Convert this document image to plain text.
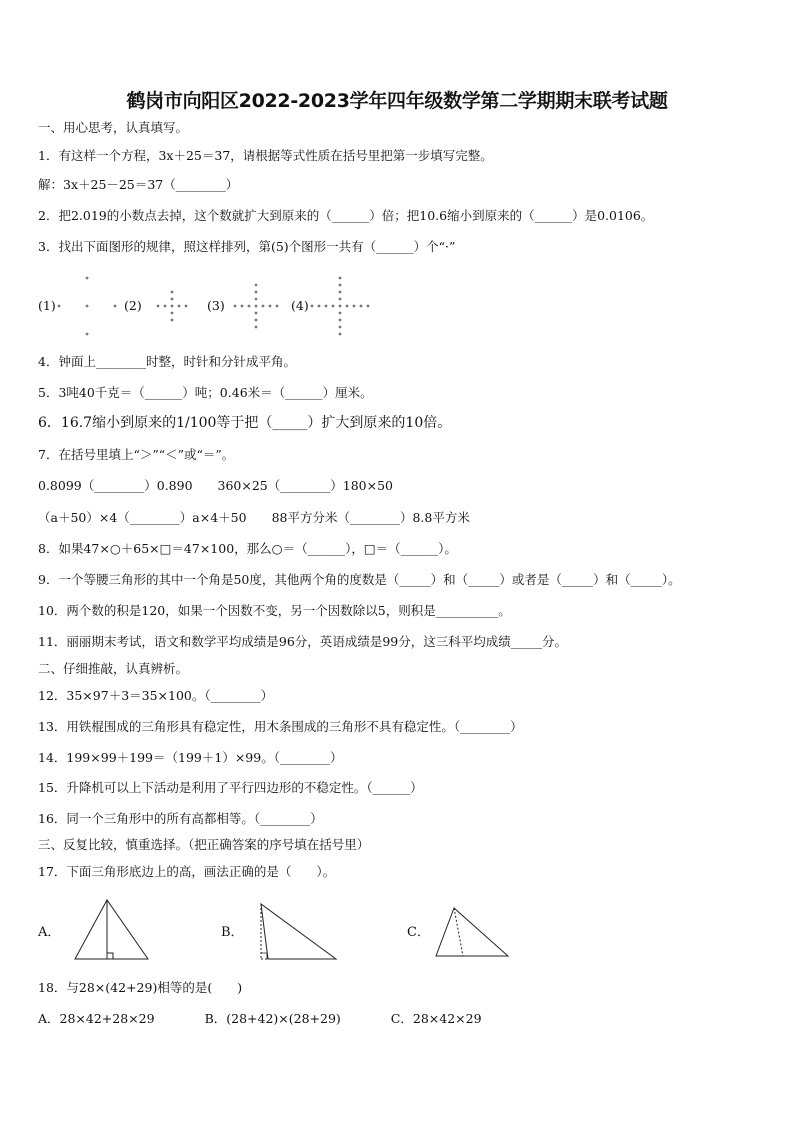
鹤岗市向阳区2022-2023学年四年级数学第二学期期末联考试题
一、用心思考，认真填写。
1．有这样一个方程，3x＋25＝37，请根据等式性质在括号里把第一步填写完整。
解：3x＋25－25＝37（________）
2．把2.019的小数点去掉，这个数就扩大到原来的（______）倍；把10.6缩小到原来的（______）是0.0106。
3．找出下面图形的规律，照这样排列，第(5)个图形一共有（______）个“·”
(1)	(2)	(3)	(4)
4．钟面上________时整，时针和分针成平角。
5．3吨40千克＝（______）吨；0.46米＝（______）厘米。
6．16.7缩小到原来的1/100等于把（_____）扩大到原来的10倍。
7．在括号里填上“＞”“＜”或“＝”。
0.8099（________）0.890　　360×25（________）180×50
（a＋50）×4（________）a×4＋50　　88平方分米（________）8.8平方米
8．如果47×○＋65×□＝47×100，那么○＝（______），□＝（______）。
9．一个等腰三角形的其中一个角是50度，其他两个角的度数是（_____）和（_____）或者是（_____）和（_____）。
10．两个数的积是120，如果一个因数不变，另一个因数除以5，则积是__________。
11．丽丽期末考试，语文和数学平均成绩是96分，英语成绩是99分，这三科平均成绩_____分。
二、仔细推敲，认真辨析。
12．35×97＋3＝35×100。（________）
13．用铁棍围成的三角形具有稳定性，用木条围成的三角形不具有稳定性。（________）
14．199×99＋199＝（199＋1）×99。（________）
15．升降机可以上下活动是利用了平行四边形的不稳定性。（______）
16．同一个三角形中的所有高都相等。（________）
三、反复比较，慎重选择。（把正确答案的序号填在括号里）
17．下面三角形底边上的高，画法正确的是（　　）。
A．	B．	C．
18．与28×(42+29)相等的是(　　)
A．28×42+28×29　　　　B．(28+42)×(28+29)　　　　C．28×42×29
